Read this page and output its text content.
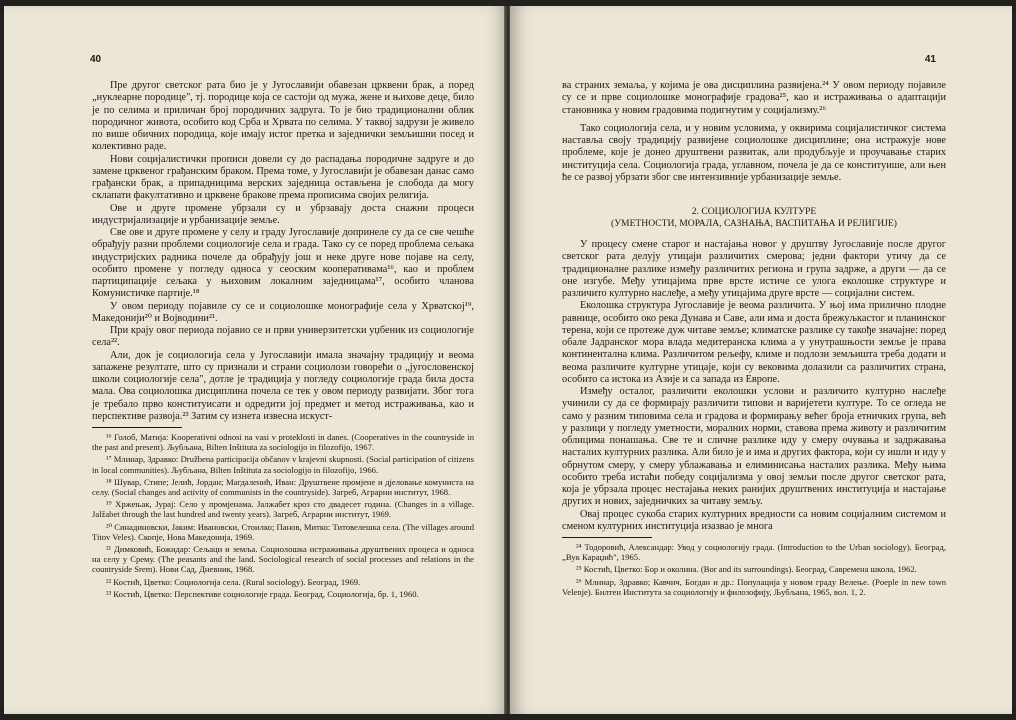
40

Пре другог светског рата био је у Југославији обавезан црквени брак, а поред „нуклеарне породице", тј. породице која се састоји од мужа, жене и њихове деце, било је по селима и приличан број породичних задруга. То је био традиционални облик породичног живота, особито код Срба и Хрвата по селима. У таквој задрузи је живело по више обичних породица, које имају истог претка и заједнички земљишни посед и колективно раде.

Нови социјалистички прописи довели су до распадања породичне задруге и до замене црквеног грађанским браком. Према томе, у Југославији је обавезан данас само грађански брак, а припадницима верских заједница остављена је слобода да могу склапати факултативно и црквене бракове према прописима својих религија.

Ове и друге промене убрзали су и убрзавају доста снажни процеси индустријализације и урбанизације земље.

Све ове и друге промене у селу и граду Југославије допринеле су да се све чешће обрађују разни проблеми социологије села и града. Тако су се поред проблема сељака индустријских радника почеле да обрађују још и неке друге нове појаве на селу, особито промене у погледу односа у сеоским кооперативама¹⁶, као и проблем партиципације сељака у њиховим локалним заједницама¹⁷, особито чланова Комунистичке партије.¹⁸

У овом периоду појавиле су се и социолошке монографије села у Хрватској¹⁹, Македонији²⁰ и Војводини²¹.

При крају овог периода појавио се и први универзитетски уџбеник из социологије села²².

Али, док је социологија села у Југославији имала значајну традицију и веома запажене резултате, што су признали и страни социолози говорећи о „југословенској школи социологије села", дотле је традиција у погледу социологије града била доста мала. Ова социолошка дисциплина почела се тек у овом периоду развијати. Због тога је требало прво конституисати и одредити јој предмет и метод истраживања, као и перспективе развоја.²³ Затим су изнета извесна искуст-

¹⁶ Голоб, Матија: Kooperativni odnosi na vasi v proteklosti in danes. (Cooperatives in the countryside in the past and present). Љубљана, Bilten Inštituta za sociologijo in filozofijo, 1967.
¹⁷ Млинар, Здравко: Družbena participacija občanov v krajevni skupnosti. (Social participation of citizens in local communities). Љубљана, Bilten Inštituta za sociologijo in filozofijo, 1966.
¹⁸ Шувар, Стипе; Јелић, Јордан; Магдаленић, Иван: Друштвене промјене и дјеловање комуниста на селу. (Social changes and activity of communists in the countryside). Загреб, Аграрни институт, 1968.
¹⁹ Хржењак, Јурај: Село у промјенама. Јалжабет кроз сто двадесет година. (Changes in a village. Jalžabet through the last hundred and twenty years). Загреб, Аграрни институт, 1969.
²⁰ Синадиновски, Јаким: Ивановски, Стоилко; Панов, Митко: Титовелешка села. (The villages around Titov Veles). Скопје, Нова Македонија, 1969.
²¹ Димковић, Божидар: Сељаци и земља. Социолошка истраживања друштвених процеса и односа на селу у Срему. (The peasants and the land. Sociological research of social processes and relations in the countryside Srem). Нови Сад, Дневник, 1968.
²² Костић, Цветко: Социологија села. (Rural sociology). Београд, 1969.
²³ Костић, Цветко: Перспективе социологије града. Београд, Социологија, бр. 1, 1960.
41

ва страних земаља, у којима је ова дисциплина развијена.²⁴ У овом периоду појавиле су се и прве социолошке монографије градова²⁵, као и истраживања о адаптацији становника у новим градовима подигнутим у социјализму.²⁶

Тако социологија села, и у новим условима, у оквирима социјалистичког система наставља своју традицију развијене социолошке дисциплине; она истражује нове проблеме, које је донео друштвени развитак, али продубљује и проучавање старих институција села. Социологија града, углавном, почела је да се конституише, али њен ће се развој убрзати због све интензивније урбанизације земље.

2. СОЦИОЛОГИЈА КУЛТУРЕ
(УМЕТНОСТИ, МОРАЛА, САЗНАЊА, ВАСПИТАЊА И РЕЛИГИЈЕ)

У процесу смене старог и настајања новог у друштву Југославије после другог светског рата делују утицаји различитих смерова; једни фактори утичу да се традиционалне разлике између различитих региона и група задрже, а други — да се оне изгубе. Међу утицајима прве врсте истиче се улога еколошке структуре и различито културно наслеђе, а међу утицајима друге врсте — социјални систем.

Еколошка структура Југославије је веома различита. У њој има прилично плодне равнице, особито око река Дунава и Саве, али има и доста брежуљкастог и планинског терена, који се протеже дуж читаве земље; климатске разлике су такође значајне: поред обале Јадранског мора влада медитеранска клима а у унутрашњости земље је права континентална клима. Различитом рељефу, климе и подлози земљишта треба додати и веома различите културне утицаје, који су вековима долазили са различитих страна, особито са истока из Азије и са запада из Европе.

Између осталог, различити еколошки услови и различито културно наслеђе учинили су да се формирају различити типови и варијетети културе. То се огледа не само у разним типовима села и градова и формирању већег броја етничких група, већ у разлици у погледу уметности, моралних норми, ставова према животу и различитим облицима понашања. Све те и сличне разлике иду у смеру очувања и задржавања насталих културних разлика. Али било је и има и других фактора, који су ишли и иду у обрнутом смеру, у смеру ублажавања и елиминисања насталих разлика. Међу њима особито треба истаћи победу социјализма у овој земљи после другог светског рата, која је убрзала процес нестајања неких ранијих друштвених институција и настајање других и нових, заједничких за читаву земљу.

Овај процес сукоба старих културних вредности са новим социјалним системом и сменом културних институција изазвао је многа

²⁴ Тодоровић, Александар: Увод у социологију града. (Introduction to the Urban sociology). Београд, „Вук Караџић", 1965.
²⁵ Костић, Цветко: Бор и околина. (Bor and its surroundings). Београд, Савремена школа, 1962.
²⁶ Млинар, Здравко; Кавчич, Богдан и др.: Популација у новом граду Велење. (Poeple in new town Velenje). Билтен Института за социологију и филозофију, Љубљана, 1965, вол. 1, 2.
